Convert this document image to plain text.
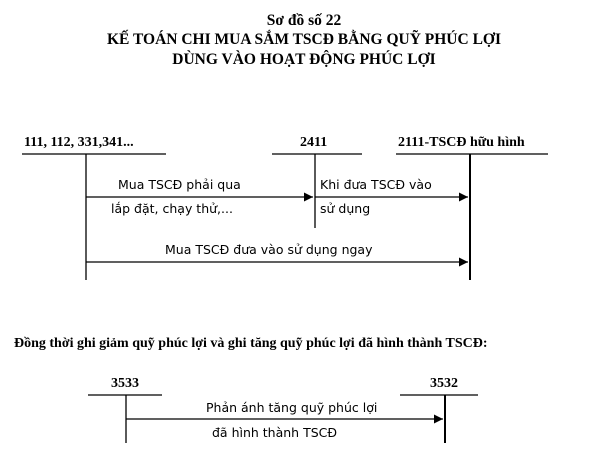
Sơ đồ số 22

KẾ TOÁN CHI MUA SẮM TSCĐ BẰNG QUỸ PHÚC LỢI

DÙNG VÀO HOẠT ĐỘNG PHÚC LỢI

111, 112, 331,341...	2411	2111-TSCĐ hữu hình

Mua TSCĐ phải qua

lắp đặt, chạy thử,...

Khi đưa TSCĐ vào

sử dụng

Mua TSCĐ đưa vào sử dụng ngay

Đồng thời ghi giảm quỹ phúc lợi và ghi tăng quỹ phúc lợi đã hình thành TSCĐ:

3533	3532

Phản ánh tăng quỹ phúc lợi

đã hình thành TSCĐ
